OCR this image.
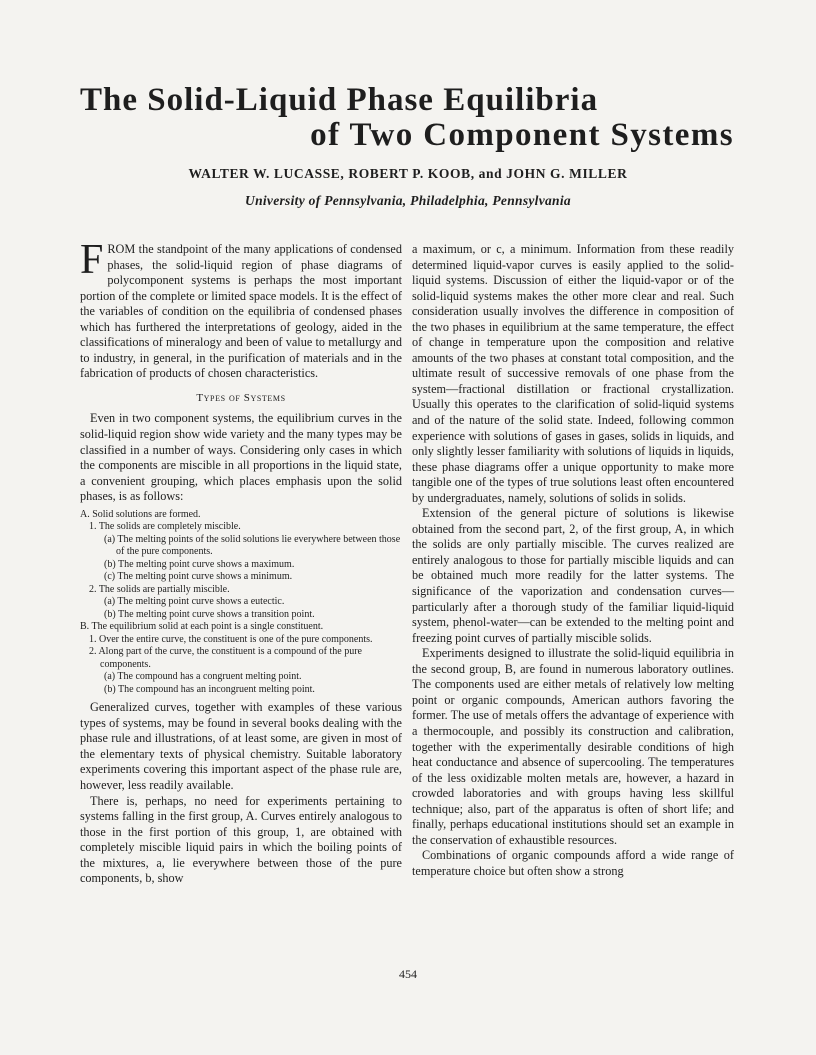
The Solid-Liquid Phase Equilibria
of Two Component Systems
WALTER W. LUCASSE, ROBERT P. KOOB, and JOHN G. MILLER
University of Pennsylvania, Philadelphia, Pennsylvania

FROM the standpoint of the many applications of condensed phases, the solid-liquid region of phase diagrams of polycomponent systems is perhaps the most important portion of the complete or limited space models. It is the effect of the variables of condition on the equilibria of condensed phases which has furthered the interpretations of geology, aided in the classifications of mineralogy and been of value to metallurgy and to industry, in general, in the purification of materials and in the fabrication of products of chosen characteristics.

Types of Systems

Even in two component systems, the equilibrium curves in the solid-liquid region show wide variety and the many types may be classified in a number of ways. Considering only cases in which the components are miscible in all proportions in the liquid state, a convenient grouping, which places emphasis upon the solid phases, is as follows:

A. Solid solutions are formed.

1. The solids are completely miscible.

(a) The melting points of the solid solutions lie everywhere between those of the pure components.

(b) The melting point curve shows a maximum.

(c) The melting point curve shows a minimum.

2. The solids are partially miscible.

(a) The melting point curve shows a eutectic.

(b) The melting point curve shows a transition point.

B. The equilibrium solid at each point is a single constituent.

1. Over the entire curve, the constituent is one of the pure components.

2. Along part of the curve, the constituent is a compound of the pure components.

(a) The compound has a congruent melting point.

(b) The compound has an incongruent melting point.

Generalized curves, together with examples of these various types of systems, may be found in several books dealing with the phase rule and illustrations, of at least some, are given in most of the elementary texts of physical chemistry. Suitable laboratory experiments covering this important aspect of the phase rule are, however, less readily available.

There is, perhaps, no need for experiments pertaining to systems falling in the first group, A. Curves entirely analogous to those in the first portion of this group, 1, are obtained with completely miscible liquid pairs in which the boiling points of the mixtures, a, lie everywhere between those of the pure components, b, show

a maximum, or c, a minimum. Information from these readily determined liquid-vapor curves is easily applied to the solid-liquid systems. Discussion of either the liquid-vapor or of the solid-liquid systems makes the other more clear and real. Such consideration usually involves the difference in composition of the two phases in equilibrium at the same temperature, the effect of change in temperature upon the composition and relative amounts of the two phases at constant total composition, and the ultimate result of successive removals of one phase from the system—fractional distillation or fractional crystallization. Usually this operates to the clarification of solid-liquid systems and of the nature of the solid state. Indeed, following common experience with solutions of gases in gases, solids in liquids, and only slightly lesser familiarity with solutions of liquids in liquids, these phase diagrams offer a unique opportunity to make more tangible one of the types of true solutions least often encountered by undergraduates, namely, solutions of solids in solids.

Extension of the general picture of solutions is likewise obtained from the second part, 2, of the first group, A, in which the solids are only partially miscible. The curves realized are entirely analogous to those for partially miscible liquids and can be obtained much more readily for the latter systems. The significance of the vaporization and condensation curves—particularly after a thorough study of the familiar liquid-liquid system, phenol-water—can be extended to the melting point and freezing point curves of partially miscible solids.

Experiments designed to illustrate the solid-liquid equilibria in the second group, B, are found in numerous laboratory outlines. The components used are either metals of relatively low melting point or organic compounds, American authors favoring the former. The use of metals offers the advantage of experience with a thermocouple, and possibly its construction and calibration, together with the experimentally desirable conditions of high heat conductance and absence of supercooling. The temperatures of the less oxidizable molten metals are, however, a hazard in crowded laboratories and with groups having less skillful technique; also, part of the apparatus is often of short life; and finally, perhaps educational institutions should set an example in the conservation of exhaustible resources.

Combinations of organic compounds afford a wide range of temperature choice but often show a strong

454
